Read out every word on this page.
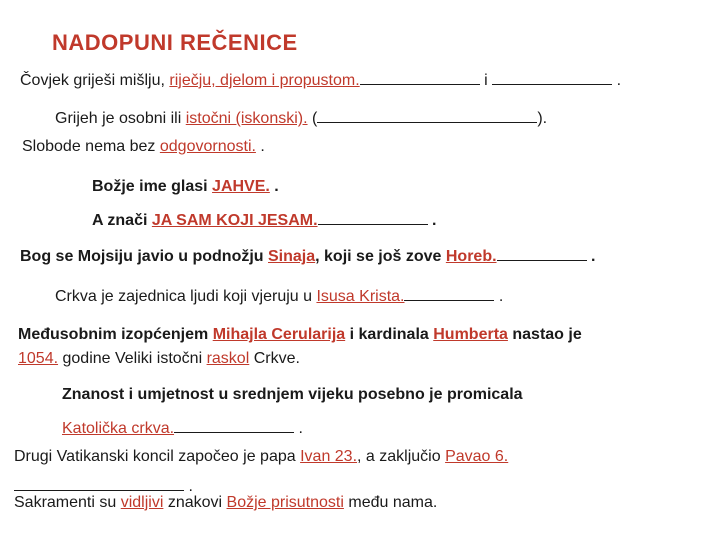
NADOPUNI REČENICE
Čovjek griješi mišlju, riječju, djelom i propustom.	i	.
Grijeh je osobni ili istočni (iskonski). (	).
Slobode nema bez odgovornosti. .
Božje ime glasi JAHVE. .
A znači JA SAM KOJI JESAM.	.
Bog se Mojsiju javio u podnožju Sinaja, koji se još zove Horeb.	.
Crkva je zajednica ljudi koji vjeruju u Isusa Krista.	.
Međusobnim izopćenjem Mihajla Cerularija i kardinala Humberta nastao je
1054. godine Veliki istočni raskol Crkve.
Znanost i umjetnost u srednjem vijeku posebno je promicala
Katolička crkva.	.
Drugi Vatikanski koncil započeo je papa Ivan 23., a zaključio Pavao 6.
.
Sakramenti su vidljivi znakovi Božje prisutnosti među nama.
